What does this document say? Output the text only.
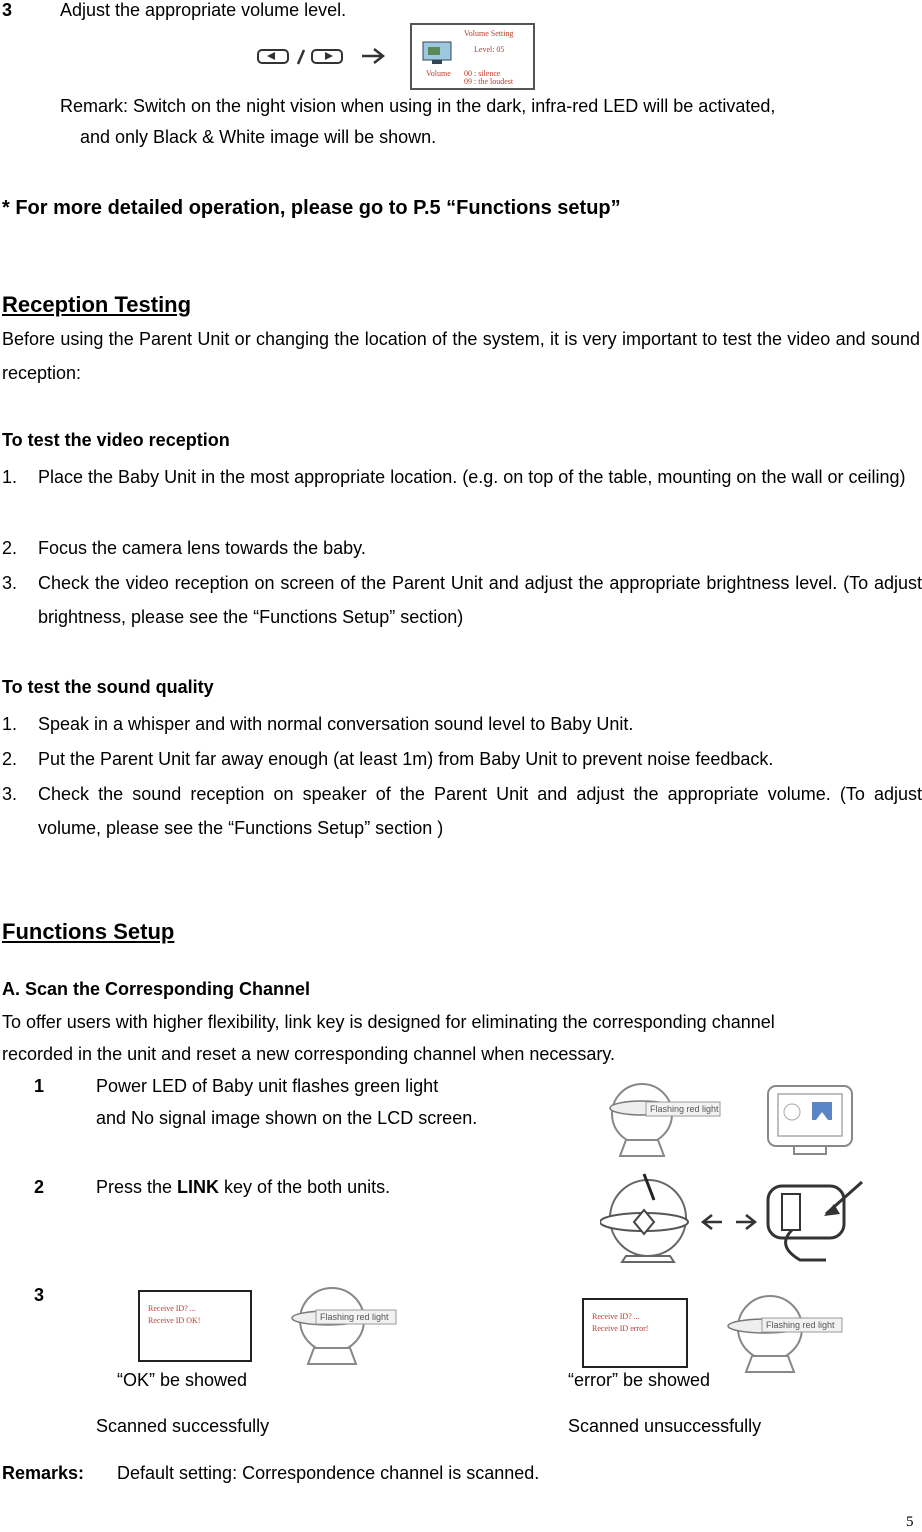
3	Adjust the appropriate volume level.
Volume Setting
Level: 05
Volume 00 : silence
09 : the loudest
Remark: Switch on the night vision when using in the dark, infra-red LED will be activated,
and only Black & White image will be shown.
* For more detailed operation, please go to P.5 “Functions setup”
Reception Testing
Before using the Parent Unit or changing the location of the system, it is very important to test the video and sound reception:
To test the video reception
1. Place the Baby Unit in the most appropriate location. (e.g. on top of the table, mounting on the wall or ceiling)
2. Focus the camera lens towards the baby.
3. Check the video reception on screen of the Parent Unit and adjust the appropriate brightness level. (To adjust brightness, please see the “Functions Setup” section)
To test the sound quality
1. Speak in a whisper and with normal conversation sound level to Baby Unit.
2. Put the Parent Unit far away enough (at least 1m) from Baby Unit to prevent noise feedback.
3. Check the sound reception on speaker of the Parent Unit and adjust the appropriate volume. (To adjust volume, please see the “Functions Setup” section )
Functions Setup
A. Scan the Corresponding Channel
To offer users with higher flexibility, link key is designed for eliminating the corresponding channel
recorded in the unit and reset a new corresponding channel when necessary.
1	Power LED of Baby unit flashes green light
and No signal image shown on the LCD screen.	Flashing red light
2	Press the LINK key of the both units.
3
Receive ID? ...
Receive ID OK!	Flashing red light	Receive ID? ...
Receive ID error!	Flashing red light
“OK” be showed	“error” be showed
Scanned successfully	Scanned unsuccessfully
Remarks: Default setting: Correspondence channel is scanned.
5
